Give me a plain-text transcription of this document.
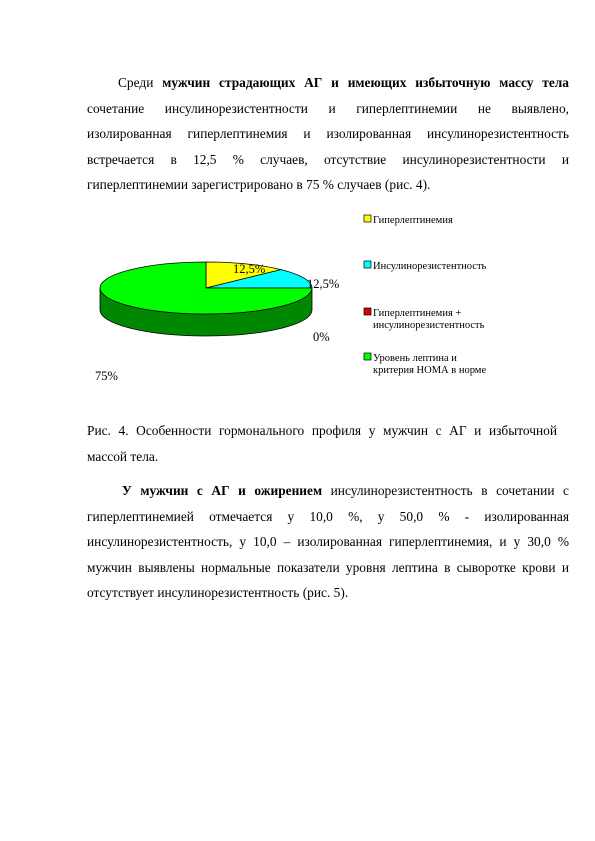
Среди мужчин страдающих АГ и имеющих избыточную массу тела сочетание инсулинорезистентности и гиперлептинемии не выявлено, изолированная гиперлептинемия и изолированная инсулинорезистентность встречается в 12,5 % случаев, отсутствие инсулинорезистентности и гиперлептинемии зарегистрировано в 75 % случаев (рис. 4).

12,5%
12,5%
0%
75%
Гиперлептинемия
Инсулинорезистентность
Гиперлептинемия +
инсулинорезистентность
Уровень лептина и
критерия НОМА в норме

Рис. 4. Особенности гормонального профиля у мужчин с АГ и избыточной массой тела.

У мужчин с АГ и ожирением инсулинорезистентность в сочетании с гиперлептинемией отмечается у 10,0 %, у 50,0 % - изолированная инсулинорезистентность, у 10,0 – изолированная гиперлептинемия, и у 30,0 % мужчин выявлены нормальные показатели уровня лептина в сыворотке крови и отсутствует инсулинорезистентность (рис. 5).
